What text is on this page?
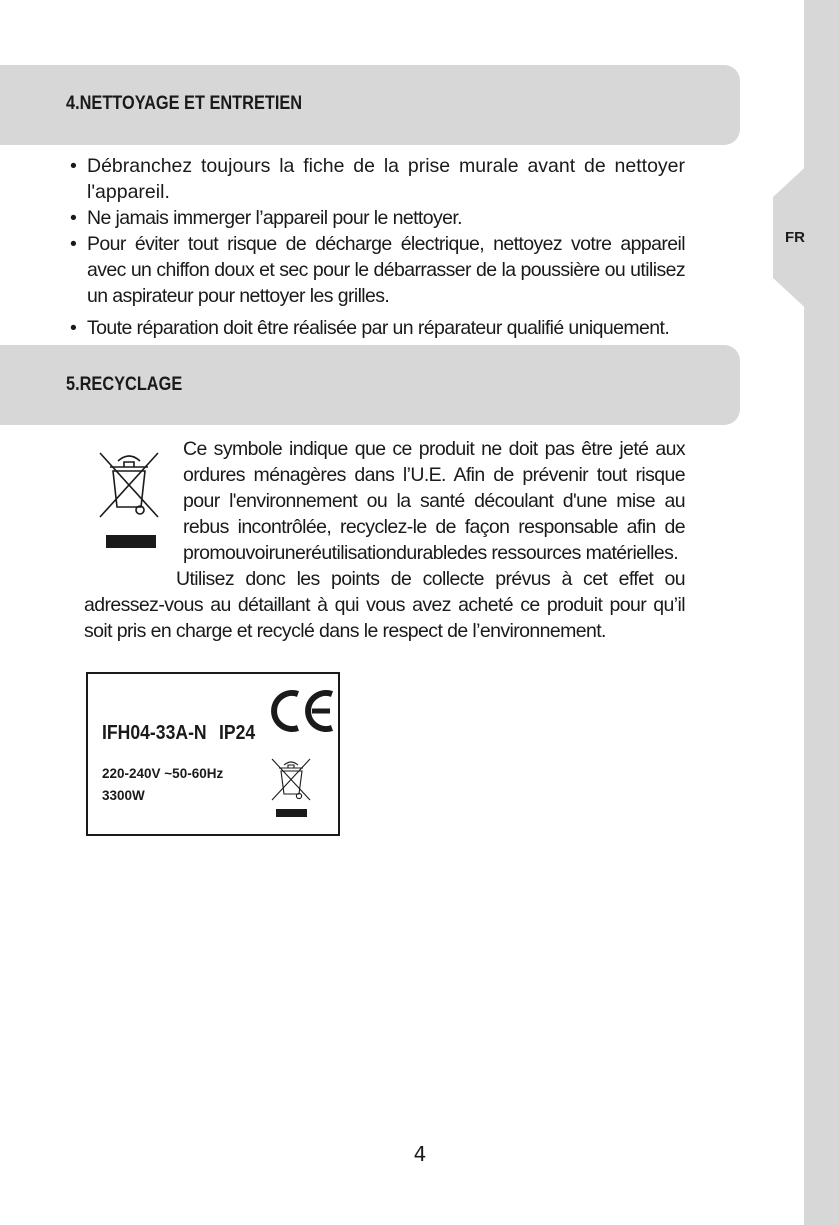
FR
4.NETTOYAGE ET ENTRETIEN

• Débranchez toujours la fiche de la prise murale avant de nettoyer l'appareil.

• Ne jamais immerger l’appareil pour le nettoyer.

• Pour éviter tout risque de décharge électrique, nettoyez votre appareil avec un chiffon doux et sec pour le débarrasser de la poussière ou utilisez un aspirateur pour nettoyer les grilles.

• Toute réparation doit être réalisée par un réparateur qualifié uniquement.

5.RECYCLAGE

Ce symbole indique que ce produit ne doit pas être jeté aux ordures ménagères dans l’U.E. Afin de prévenir tout risque pour l'environnement ou la santé découlant d'une mise au rebus incontrôlée, recyclez-le de façon responsable afin de promouvoiruneréutilisationdurabledes ressources matérielles.

Utilisez donc les points de collecte prévus à cet effet ou adressez-vous au détaillant à qui vous avez acheté ce produit pour qu’il soit pris en charge et recyclé dans le respect de l’environnement.

IFH04-33A-N IP24
220-240V ~50-60Hz
3300W
4
